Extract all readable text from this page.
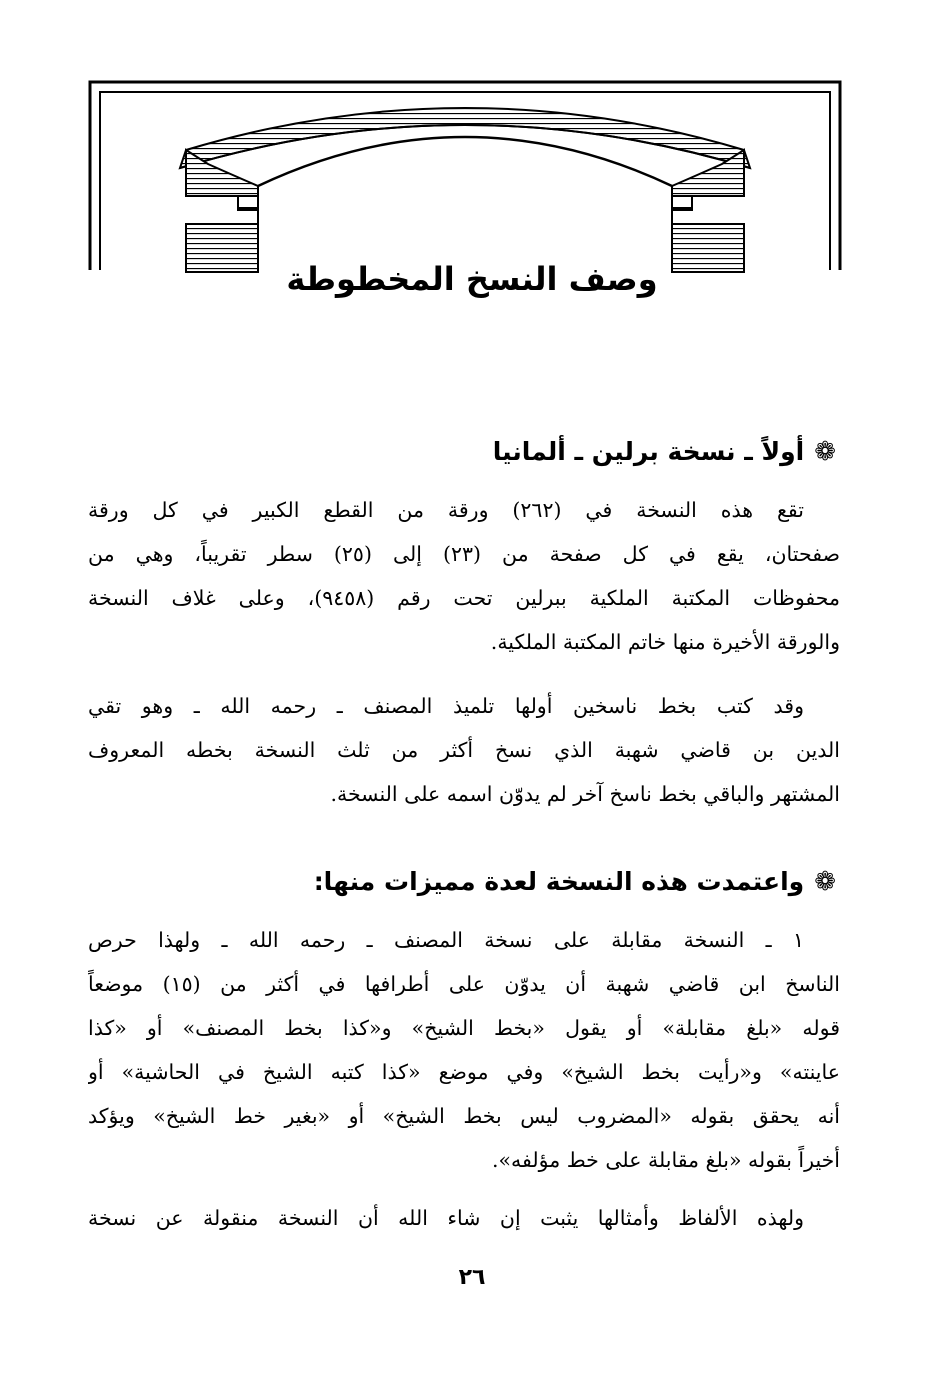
وصف النسخ المخطوطة
❁أولاً ـ نسخة برلين ـ ألمانيا
تقع هذه النسخة في (٢٦٢) ورقة من القطع الكبير في كل ورقة
صفحتان، يقع في كل صفحة من (٢٣) إلى (٢٥) سطر تقريباً، وهي من
محفوظات المكتبة الملكية ببرلين تحت رقم (٩٤٥٨)، وعلى غلاف النسخة
والورقة الأخيرة منها خاتم المكتبة الملكية.
وقد كتب بخط ناسخين أولها تلميذ المصنف ـ رحمه الله ـ وهو تقي
الدين بن قاضي شهبة الذي نسخ أكثر من ثلث النسخة بخطه المعروف
المشتهر والباقي بخط ناسخ آخر لم يدوّن اسمه على النسخة.
❁واعتمدت هذه النسخة لعدة مميزات منها:
١ ـ النسخة مقابلة على نسخة المصنف ـ رحمه الله ـ ولهذا حرص
الناسخ ابن قاضي شهبة أن يدوّن على أطرافها في أكثر من (١٥) موضعاً
قوله «بلغ مقابلة» أو يقول «بخط الشيخ» و«كذا بخط المصنف» أو «كذا
عاينته» و«رأيت بخط الشيخ» وفي موضع «كذا كتبه الشيخ في الحاشية» أو
أنه يحقق بقوله «المضروب ليس بخط الشيخ» أو «بغير خط الشيخ» ويؤكد
أخيراً بقوله «بلغ مقابلة على خط مؤلفه».
ولهذه الألفاظ وأمثالها يثبت إن شاء الله أن النسخة منقولة عن نسخة
٢٦
